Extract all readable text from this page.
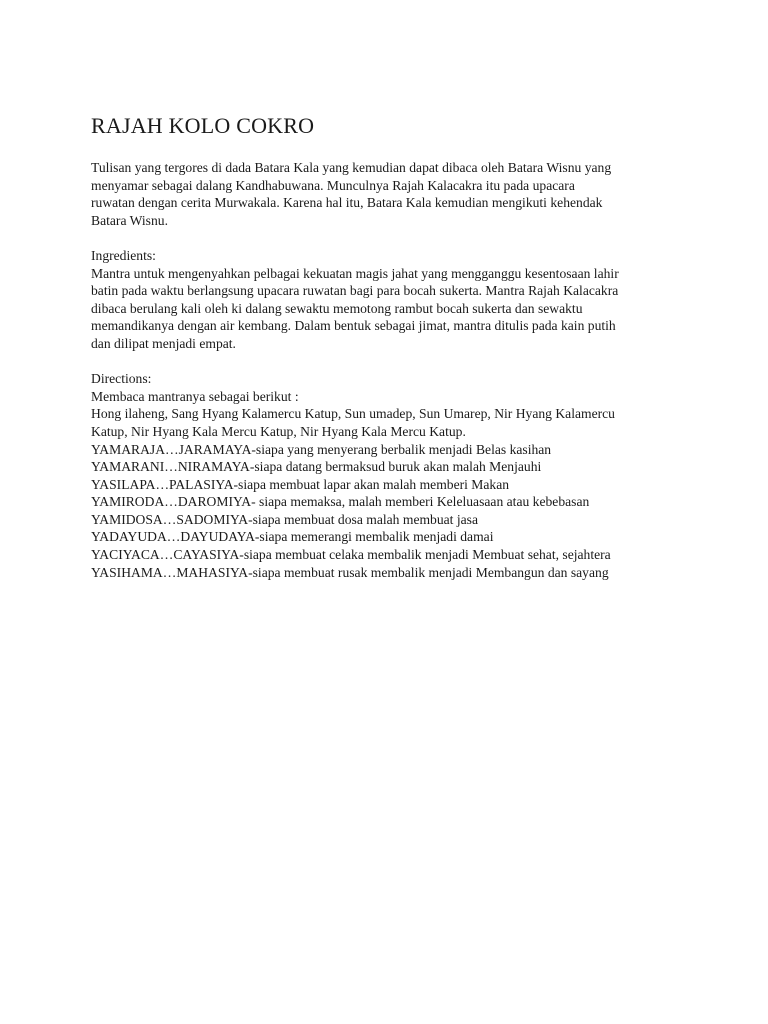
RAJAH KOLO COKRO

Tulisan yang tergores di dada Batara Kala yang kemudian dapat dibaca oleh Batara Wisnu yang
menyamar sebagai dalang Kandhabuwana. Munculnya Rajah Kalacakra itu pada upacara
ruwatan dengan cerita Murwakala. Karena hal itu, Batara Kala kemudian mengikuti kehendak
Batara Wisnu.

Ingredients:

Mantra untuk mengenyahkan pelbagai kekuatan magis jahat yang mengganggu kesentosaan lahir
batin pada waktu berlangsung upacara ruwatan bagi para bocah sukerta. Mantra Rajah Kalacakra
dibaca berulang kali oleh ki dalang sewaktu memotong rambut bocah sukerta dan sewaktu
memandikanya dengan air kembang. Dalam bentuk sebagai jimat, mantra ditulis pada kain putih
dan dilipat menjadi empat.

Directions:

Membaca mantranya sebagai berikut :

Hong ilaheng, Sang Hyang Kalamercu Katup, Sun umadep, Sun Umarep, Nir Hyang Kalamercu
Katup, Nir Hyang Kala Mercu Katup, Nir Hyang Kala Mercu Katup.

YAMARAJA…JARAMAYA-siapa yang menyerang berbalik menjadi Belas kasihan
YAMARANI…NIRAMAYA-siapa datang bermaksud buruk akan malah Menjauhi
YASILAPA…PALASIYA-siapa membuat lapar akan malah memberi Makan
YAMIRODA…DAROMIYA- siapa memaksa, malah memberi Keleluasaan atau kebebasan
YAMIDOSA…SADOMIYA-siapa membuat dosa malah membuat jasa
YADAYUDA…DAYUDAYA-siapa memerangi membalik menjadi damai
YACIYACA…CAYASIYA-siapa membuat celaka membalik menjadi Membuat sehat, sejahtera
YASIHAMA…MAHASIYA-siapa membuat rusak membalik menjadi Membangun dan sayang
